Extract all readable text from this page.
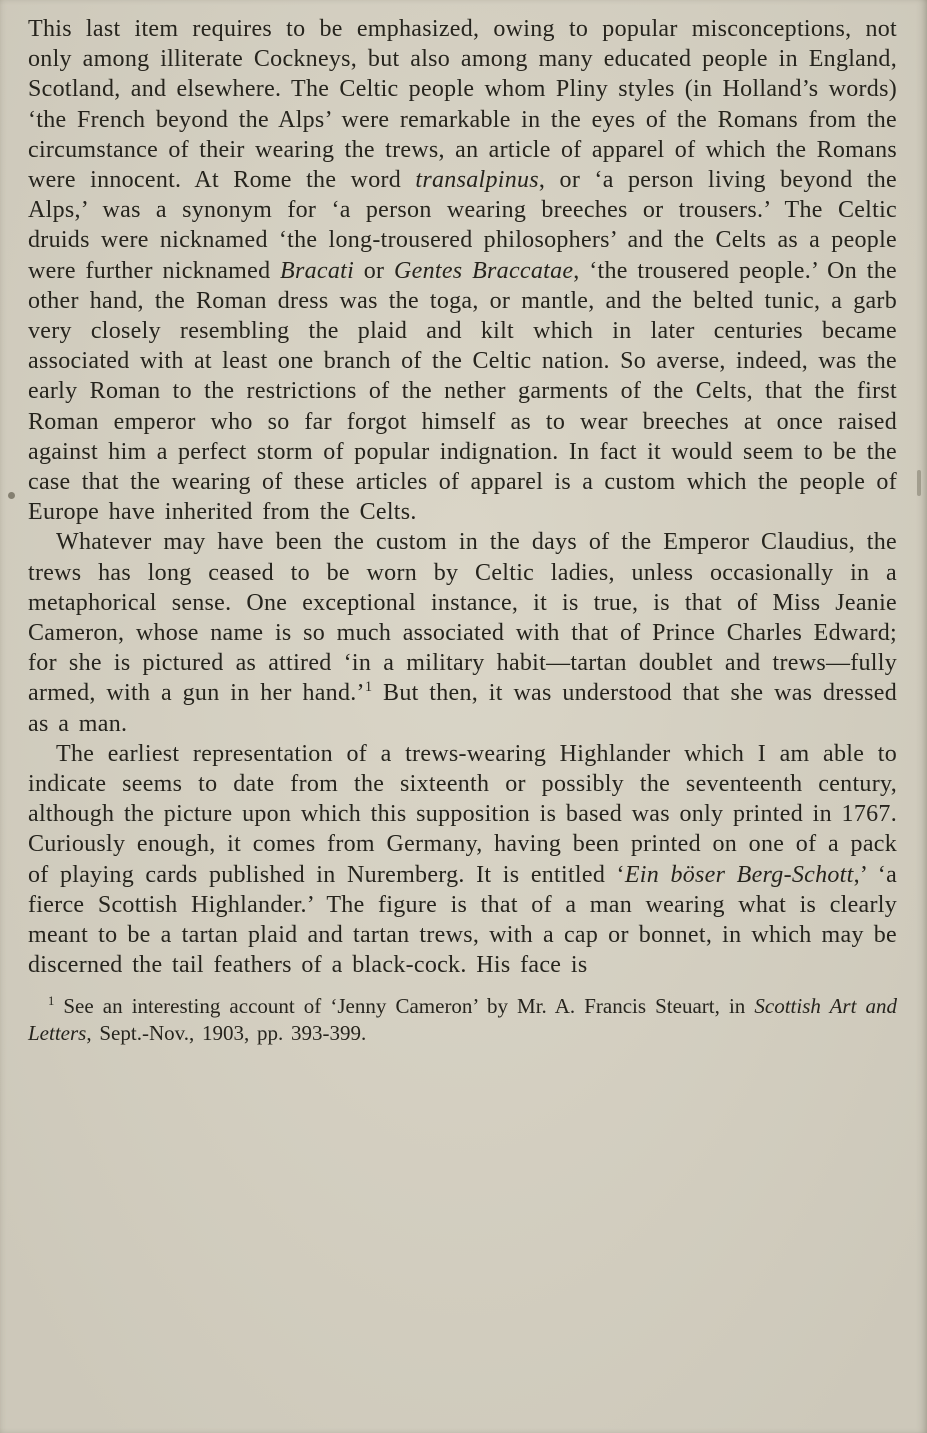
This last item requires to be emphasized, owing to popular misconceptions, not only among illiterate Cockneys, but also among many educated people in England, Scotland, and elsewhere. The Celtic people whom Pliny styles (in Holland’s words) ‘the French beyond the Alps’ were remarkable in the eyes of the Romans from the circumstance of their wearing the trews, an article of apparel of which the Romans were innocent. At Rome the word transalpinus, or ‘a person living beyond the Alps,’ was a synonym for ‘a person wearing breeches or trousers.’ The Celtic druids were nicknamed ‘the long-trousered philosophers’ and the Celts as a people were further nicknamed Bracati or Gentes Braccatae, ‘the trousered people.’ On the other hand, the Roman dress was the toga, or mantle, and the belted tunic, a garb very closely resembling the plaid and kilt which in later centuries became associated with at least one branch of the Celtic nation. So averse, indeed, was the early Roman to the restrictions of the nether garments of the Celts, that the first Roman emperor who so far forgot himself as to wear breeches at once raised against him a perfect storm of popular indignation. In fact it would seem to be the case that the wearing of these articles of apparel is a custom which the people of Europe have inherited from the Celts.

Whatever may have been the custom in the days of the Emperor Claudius, the trews has long ceased to be worn by Celtic ladies, unless occasionally in a metaphorical sense. One exceptional instance, it is true, is that of Miss Jeanie Cameron, whose name is so much associated with that of Prince Charles Edward; for she is pictured as attired ‘in a military habit—tartan doublet and trews—fully armed, with a gun in her hand.’$^1$ But then, it was understood that she was dressed as a man.

The earliest representation of a trews-wearing Highlander which I am able to indicate seems to date from the sixteenth or possibly the seventeenth century, although the picture upon which this supposition is based was only printed in 1767. Curiously enough, it comes from Germany, having been printed on one of a pack of playing cards published in Nuremberg. It is entitled ‘Ein böser Berg-Schott,’ ‘a fierce Scottish Highlander.’ The figure is that of a man wearing what is clearly meant to be a tartan plaid and tartan trews, with a cap or bonnet, in which may be discerned the tail feathers of a black-cock. His face is

$^1$ See an interesting account of ‘Jenny Cameron’ by Mr. A. Francis Steuart, in Scottish Art and Letters, Sept.-Nov., 1903, pp. 393-399.
